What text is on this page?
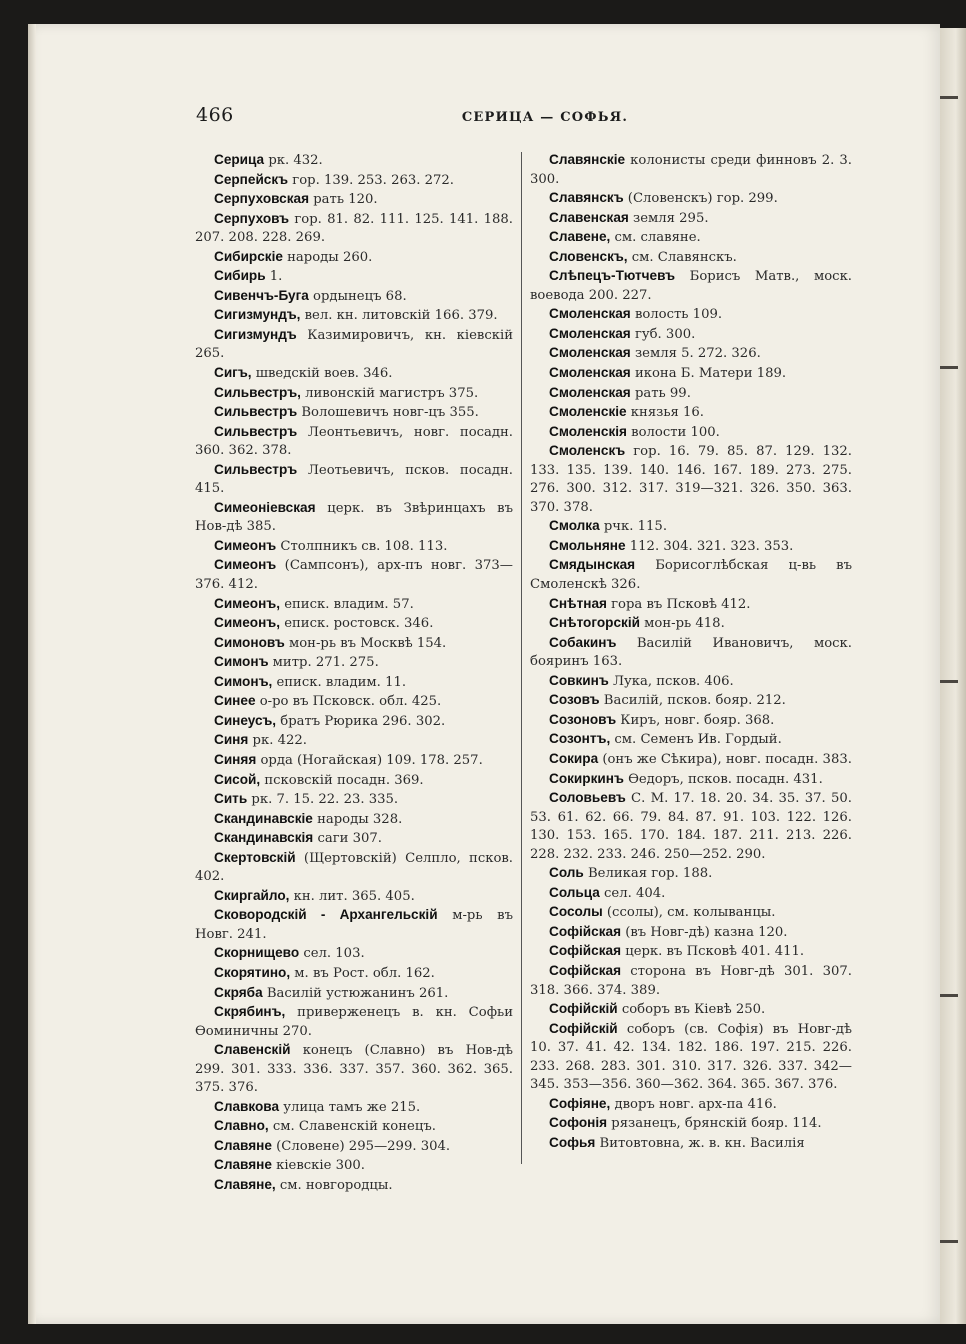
466	СЕРИЦА — СОФЬЯ.
Серица рк. 432.
Серпейскъ гор. 139. 253. 263. 272.
Серпуховская рать 120.
Серпуховъ гор. 81. 82. 111. 125. 141. 188. 207. 208. 228. 269.
Сибирскіе народы 260.
Сибирь 1.
Сивенчъ-Буга ордынецъ 68.
Сигизмундъ, вел. кн. литовскій 166. 379.
Сигизмундъ Казимировичъ, кн. кіевскій 265.
Сигъ, шведскій воев. 346.
Сильвестръ, ливонскій магистръ 375.
Сильвестръ Волошевичъ новг-цъ 355.
Сильвестръ Леонтьевичъ, новг. посадн. 360. 362. 378.
Сильвестръ Леотьевичъ, псков. посадн. 415.
Симеоніевская церк. въ Звѣринцахъ въ Нов-дѣ 385.
Симеонъ Столпникъ св. 108. 113.
Симеонъ (Сампсонъ), арх-пъ новг. 373—376. 412.
Симеонъ, еписк. владим. 57.
Симеонъ, еписк. ростовск. 346.
Симоновъ мон-рь въ Москвѣ 154.
Симонъ митр. 271. 275.
Симонъ, еписк. владим. 11.
Синее о-ро въ Псковск. обл. 425.
Синеусъ, братъ Рюрика 296. 302.
Синя рк. 422.
Синяя орда (Ногайская) 109. 178. 257.
Сисой, псковскій посадн. 369.
Сить рк. 7. 15. 22. 23. 335.
Скандинавскіе народы 328.
Скандинавскія саги 307.
Скертовскій (Щертовскій) Селпло, псков. 402.
Скиргайло, кн. лит. 365. 405.
Сковородскій - Архангельскій м-рь въ Новг. 241.
Скорнищево сел. 103.
Скорятино, м. въ Рост. обл. 162.
Скряба Василій устюжанинъ 261.
Скрябинъ, приверженецъ в. кн. Софьи Ѳоминичны 270.
Славенскій конецъ (Славно) въ Нов-дѣ 299. 301. 333. 336. 337. 357. 360. 362. 365. 375. 376.
Славкова улица тамъ же 215.
Славно, см. Славенскій конецъ.
Славяне (Словене) 295—299. 304.
Славяне кіевскіе 300.
Славяне, см. новгородцы.
Славянскіе колонисты среди финновъ 2. 3. 300.
Славянскъ (Словенскъ) гор. 299.
Славенская земля 295.
Славене, см. славяне.
Словенскъ, см. Славянскъ.
Слѣпецъ-Тютчевъ Борисъ Матв., моск. воевода 200. 227.
Смоленская волость 109.
Смоленская губ. 300.
Смоленская земля 5. 272. 326.
Смоленская икона Б. Матери 189.
Смоленская рать 99.
Смоленскіе князья 16.
Смоленскія волости 100.
Смоленскъ гор. 16. 79. 85. 87. 129. 132. 133. 135. 139. 140. 146. 167. 189. 273. 275. 276. 300. 312. 317. 319—321. 326. 350. 363. 370. 378.
Смолка рчк. 115.
Смольняне 112. 304. 321. 323. 353.
Смядынская Борисоглѣбская ц-вь въ Смоленскѣ 326.
Снѣтная гора въ Псковѣ 412.
Снѣтогорскій мон-рь 418.
Собакинъ Василій Ивановичъ, моск. бояринъ 163.
Совкинъ Лука, псков. 406.
Созовъ Василій, псков. бояр. 212.
Созоновъ Киръ, новг. бояр. 368.
Созонтъ, см. Семенъ Ив. Гордый.
Сокира (онъ же Сѣкира), новг. посадн. 383.
Сокиркинъ Ѳедоръ, псков. посадн. 431.
Соловьевъ С. М. 17. 18. 20. 34. 35. 37. 50. 53. 61. 62. 66. 79. 84. 87. 91. 103. 122. 126. 130. 153. 165. 170. 184. 187. 211. 213. 226. 228. 232. 233. 246. 250—252. 290.
Соль Великая гор. 188.
Сольца сел. 404.
Сосолы (ссолы), см. колыванцы.
Софійская (въ Новг-дѣ) казна 120.
Софійская церк. въ Псковѣ 401. 411.
Софійская сторона въ Новг-дѣ 301. 307. 318. 366. 374. 389.
Софійскій соборъ въ Кіевѣ 250.
Софійскій соборъ (св. Софія) въ Новг-дѣ 10. 37. 41. 42. 134. 182. 186. 197. 215. 226. 233. 268. 283. 301. 310. 317. 326. 337. 342—345. 353—356. 360—362. 364. 365. 367. 376.
Софіяне, дворъ новг. арх-па 416.
Софонія рязанецъ, брянскій бояр. 114.
Софья Витовтовна, ж. в. кн. Василія
